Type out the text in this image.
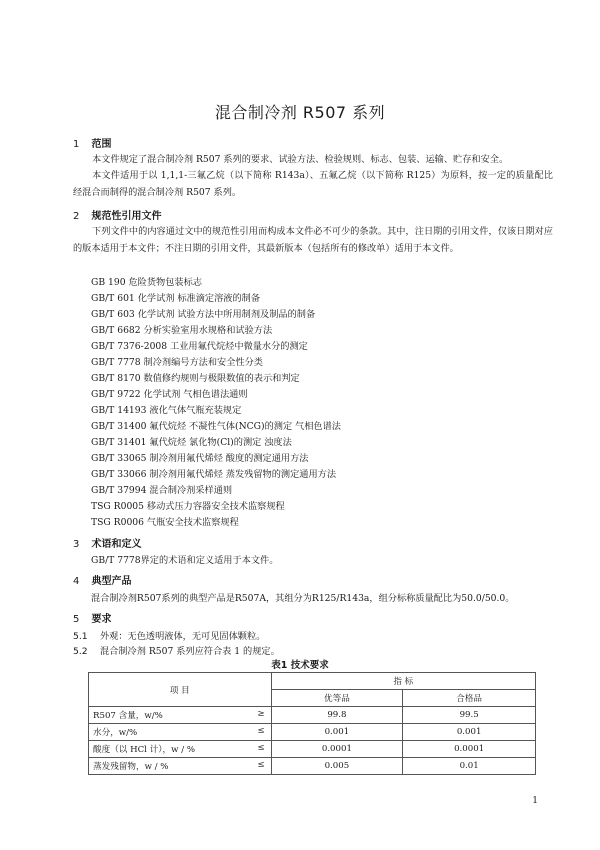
混合制冷剂 R507 系列
1 范围
本文件规定了混合制冷剂 R507 系列的要求、试验方法、检验规则、标志、包装、运输、贮存和安全。
本文件适用于以 1,1,1-三氟乙烷（以下简称 R143a）、五氟乙烷（以下简称 R125）为原料，按一定的质量配比经混合而制得的混合制冷剂 R507 系列。
2 规范性引用文件
下列文件中的内容通过文中的规范性引用而构成本文件必不可少的条款。其中，注日期的引用文件，仅该日期对应的版本适用于本文件；不注日期的引用文件，其最新版本（包括所有的修改单）适用于本文件。
GB 190 危险货物包装标志
GB/T 601 化学试剂 标准滴定溶液的制备
GB/T 603 化学试剂 试验方法中所用制剂及制品的制备
GB/T 6682 分析实验室用水规格和试验方法
GB/T 7376-2008 工业用氟代烷烃中微量水分的测定
GB/T 7778 制冷剂编号方法和安全性分类
GB/T 8170 数值修约规则与极限数值的表示和判定
GB/T 9722 化学试剂 气相色谱法通则
GB/T 14193 液化气体气瓶充装规定
GB/T 31400 氟代烷烃 不凝性气体(NCG)的测定 气相色谱法
GB/T 31401 氟代烷烃 氯化物(Cl)的测定 浊度法
GB/T 33065 制冷剂用氟代烯烃 酸度的测定通用方法
GB/T 33066 制冷剂用氟代烯烃 蒸发残留物的测定通用方法
GB/T 37994 混合制冷剂采样通则
TSG R0005 移动式压力容器安全技术监察规程
TSG R0006 气瓶安全技术监察规程
3 术语和定义
GB/T 7778界定的术语和定义适用于本文件。
4 典型产品
混合制冷剂R507系列的典型产品是R507A，其组分为R125/R143a，组分标称质量配比为50.0/50.0。
5 要求
5.1 外观：无色透明液体，无可见固体颗粒。
5.2 混合制冷剂 R507 系列应符合表 1 的规定。
表1 技术要求
项 目	指 标	
	优等品	合格品
R507 含量，w/% ≥	99.8	99.5
水分，w/% ≤	0.001	0.001
酸度（以 HCl 计），w / % ≤	0.0001	0.0001
蒸发残留物，w / % ≤	0.005	0.01
1
